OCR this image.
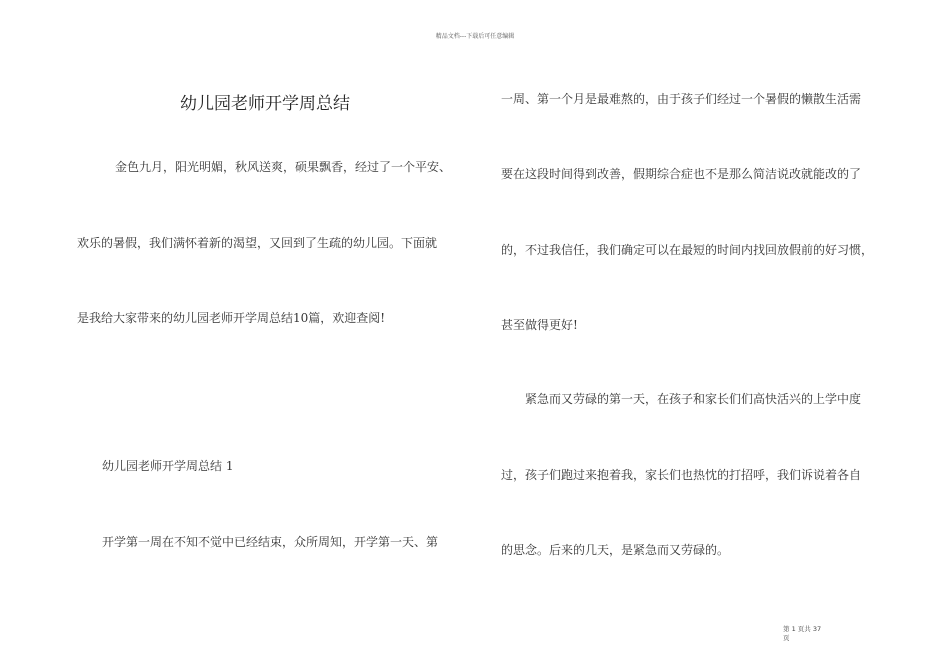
精品文档---下载后可任意编辑
幼儿园老师开学周总结
金色九月，阳光明媚，秋风送爽，硕果飘香，经过了一个平安、
欢乐的暑假，我们满怀着新的渴望，又回到了生疏的幼儿园。下面就
是我给大家带来的幼儿园老师开学周总结10篇，欢迎查阅!
幼儿园老师开学周总结 1
开学第一周在不知不觉中已经结束，众所周知，开学第一天、第
一周、第一个月是最难熬的，由于孩子们经过一个暑假的懒散生活需
要在这段时间得到改善，假期综合症也不是那么简洁说改就能改的了
的，不过我信任，我们确定可以在最短的时间内找回放假前的好习惯，
甚至做得更好!
紧急而又劳碌的第一天，在孩子和家长们们高快活兴的上学中度
过，孩子们跑过来抱着我，家长们也热忱的打招呼，我们诉说着各自
的思念。后来的几天，是紧急而又劳碌的。
第 1 页共 37
页
